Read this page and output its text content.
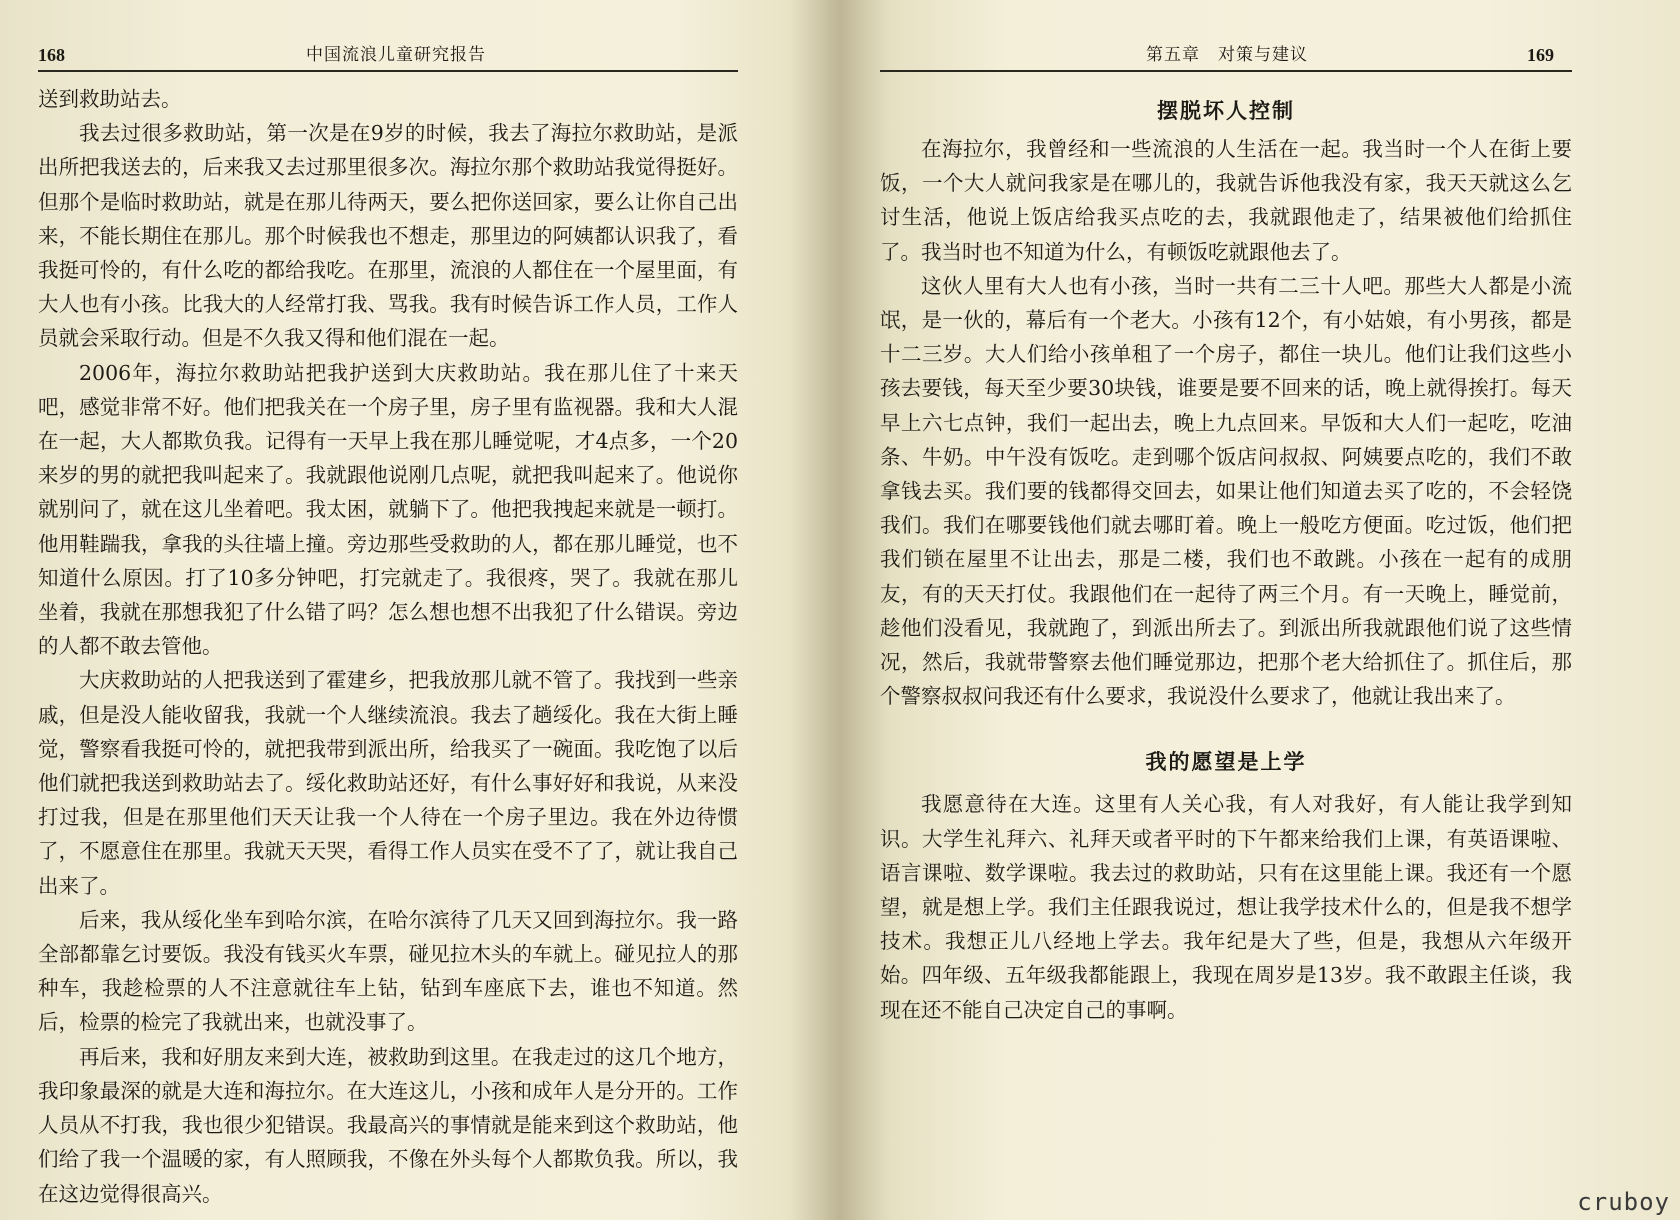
168	中国流浪儿童研究报告

送到救助站去。

我去过很多救助站，第一次是在9岁的时候，我去了海拉尔救助站，是派出所把我送去的，后来我又去过那里很多次。海拉尔那个救助站我觉得挺好。但那个是临时救助站，就是在那儿待两天，要么把你送回家，要么让你自己出来，不能长期住在那儿。那个时候我也不想走，那里边的阿姨都认识我了，看我挺可怜的，有什么吃的都给我吃。在那里，流浪的人都住在一个屋里面，有大人也有小孩。比我大的人经常打我、骂我。我有时候告诉工作人员，工作人员就会采取行动。但是不久我又得和他们混在一起。

2006年，海拉尔救助站把我护送到大庆救助站。我在那儿住了十来天吧，感觉非常不好。他们把我关在一个房子里，房子里有监视器。我和大人混在一起，大人都欺负我。记得有一天早上我在那儿睡觉呢，才4点多，一个20来岁的男的就把我叫起来了。我就跟他说刚几点呢，就把我叫起来了。他说你就别问了，就在这儿坐着吧。我太困，就躺下了。他把我拽起来就是一顿打。他用鞋踹我，拿我的头往墙上撞。旁边那些受救助的人，都在那儿睡觉，也不知道什么原因。打了10多分钟吧，打完就走了。我很疼，哭了。我就在那儿坐着，我就在那想我犯了什么错了吗？怎么想也想不出我犯了什么错误。旁边的人都不敢去管他。

大庆救助站的人把我送到了霍建乡，把我放那儿就不管了。我找到一些亲戚，但是没人能收留我，我就一个人继续流浪。我去了趟绥化。我在大街上睡觉，警察看我挺可怜的，就把我带到派出所，给我买了一碗面。我吃饱了以后他们就把我送到救助站去了。绥化救助站还好，有什么事好好和我说，从来没打过我，但是在那里他们天天让我一个人待在一个房子里边。我在外边待惯了，不愿意住在那里。我就天天哭，看得工作人员实在受不了了，就让我自己出来了。

后来，我从绥化坐车到哈尔滨，在哈尔滨待了几天又回到海拉尔。我一路全部都靠乞讨要饭。我没有钱买火车票，碰见拉木头的车就上。碰见拉人的那种车，我趁检票的人不注意就往车上钻，钻到车座底下去，谁也不知道。然后，检票的检完了我就出来，也就没事了。

再后来，我和好朋友来到大连，被救助到这里。在我走过的这几个地方，我印象最深的就是大连和海拉尔。在大连这儿，小孩和成年人是分开的。工作人员从不打我，我也很少犯错误。我最高兴的事情就是能来到这个救助站，他们给了我一个温暖的家，有人照顾我，不像在外头每个人都欺负我。所以，我在这边觉得很高兴。

第五章　对策与建议	169
摆脱坏人控制

在海拉尔，我曾经和一些流浪的人生活在一起。我当时一个人在街上要饭，一个大人就问我家是在哪儿的，我就告诉他我没有家，我天天就这么乞讨生活，他说上饭店给我买点吃的去，我就跟他走了，结果被他们给抓住了。我当时也不知道为什么，有顿饭吃就跟他去了。

这伙人里有大人也有小孩，当时一共有二三十人吧。那些大人都是小流氓，是一伙的，幕后有一个老大。小孩有12个，有小姑娘，有小男孩，都是十二三岁。大人们给小孩单租了一个房子，都住一块儿。他们让我们这些小孩去要钱，每天至少要30块钱，谁要是要不回来的话，晚上就得挨打。每天早上六七点钟，我们一起出去，晚上九点回来。早饭和大人们一起吃，吃油条、牛奶。中午没有饭吃。走到哪个饭店问叔叔、阿姨要点吃的，我们不敢拿钱去买。我们要的钱都得交回去，如果让他们知道去买了吃的，不会轻饶我们。我们在哪要钱他们就去哪盯着。晚上一般吃方便面。吃过饭，他们把我们锁在屋里不让出去，那是二楼，我们也不敢跳。小孩在一起有的成朋友，有的天天打仗。我跟他们在一起待了两三个月。有一天晚上，睡觉前，趁他们没看见，我就跑了，到派出所去了。到派出所我就跟他们说了这些情况，然后，我就带警察去他们睡觉那边，把那个老大给抓住了。抓住后，那个警察叔叔问我还有什么要求，我说没什么要求了，他就让我出来了。

我的愿望是上学

我愿意待在大连。这里有人关心我，有人对我好，有人能让我学到知识。大学生礼拜六、礼拜天或者平时的下午都来给我们上课，有英语课啦、语言课啦、数学课啦。我去过的救助站，只有在这里能上课。我还有一个愿望，就是想上学。我们主任跟我说过，想让我学技术什么的，但是我不想学技术。我想正儿八经地上学去。我年纪是大了些，但是，我想从六年级开始。四年级、五年级我都能跟上，我现在周岁是13岁。我不敢跟主任谈，我现在还不能自己决定自己的事啊。

cruboy
